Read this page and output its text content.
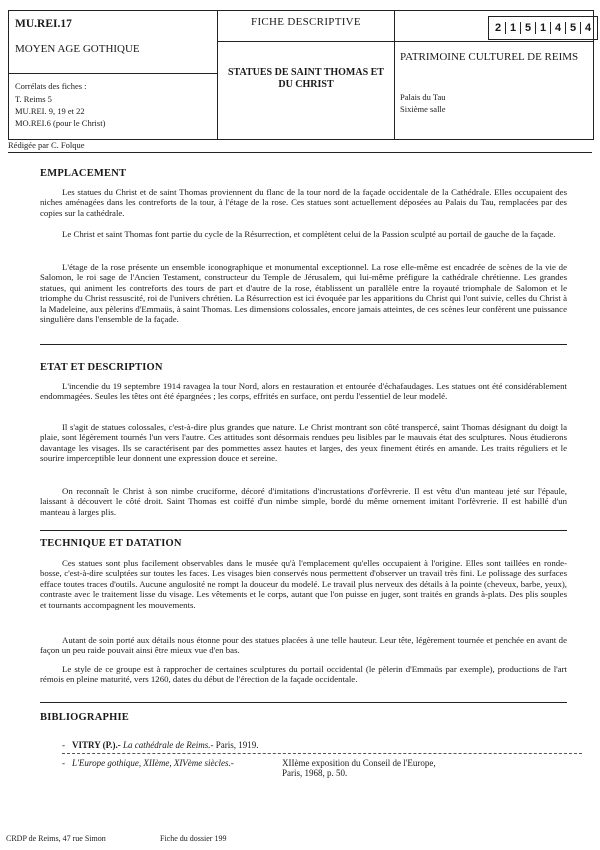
MU.REI.17
MOYEN AGE GOTHIQUE
Corrélats des fiches :
T. Reims 5
MU.REI. 9, 19 et 22
MO.REI.6 (pour le Christ)
FICHE DESCRIPTIVE
STATUES DE SAINT THOMAS ET DU CHRIST
2 1 5 1 4 5 4
PATRIMOINE CULTUREL DE REIMS
Palais du Tau
Sixième salle
Rédigée par C. Folque
EMPLACEMENT

Les statues du Christ et de saint Thomas proviennent du flanc de la tour nord de la façade occidentale de la Cathédrale. Elles occupaient des niches aménagées dans les contreforts de la tour, à l'étage de la rose. Ces statues sont actuellement déposées au Palais du Tau, remplacées par des copies sur la cathédrale.

Le Christ et saint Thomas font partie du cycle de la Résurrection, et complètent celui de la Passion sculpté au portail de gauche de la façade.

L'étage de la rose présente un ensemble iconographique et monumental exceptionnel. La rose elle-même est encadrée de scènes de la vie de Salomon, le roi sage de l'Ancien Testament, constructeur du Temple de Jérusalem, qui lui-même préfigure la cathédrale chrétienne. Les grandes statues, qui animent les contreforts des tours de part et d'autre de la rose, établissent un parallèle entre la royauté triomphale de Salomon et le triomphe du Christ ressuscité, roi de l'univers chrétien. La Résurrection est ici évoquée par les apparitions du Christ qui l'ont suivie, celles du Christ à la Madeleine, aux pèlerins d'Emmaüs, à saint Thomas. Les dimensions colossales, encore jamais atteintes, de ces scènes leur confèrent une puissance singulière dans l'ensemble de la façade.

ETAT ET DESCRIPTION

L'incendie du 19 septembre 1914 ravagea la tour Nord, alors en restauration et entourée d'échafaudages. Les statues ont été considérablement endommagées. Seules les têtes ont été épargnées ; les corps, effrités en surface, ont perdu l'essentiel de leur modelé.

Il s'agit de statues colossales, c'est-à-dire plus grandes que nature. Le Christ montrant son côté transpercé, saint Thomas désignant du doigt la plaie, sont légèrement tournés l'un vers l'autre. Ces attitudes sont désormais rendues peu lisibles par le mauvais état des sculptures. Nous étudierons davantage les visages. Ils se caractérisent par des pommettes assez hautes et larges, des yeux finement étirés en amande. Les traits réguliers et le sourire imperceptible leur donnent une expression douce et sereine.

On reconnaît le Christ à son nimbe cruciforme, décoré d'imitations d'incrustations d'orfèvrerie. Il est vêtu d'un manteau jeté sur l'épaule, laissant à découvert le côté droit. Saint Thomas est coiffé d'un nimbe simple, bordé du même ornement imitant l'orfèvrerie. Il est habillé d'un manteau à larges plis.

TECHNIQUE ET DATATION

Ces statues sont plus facilement observables dans le musée qu'à l'emplacement qu'elles occupaient à l'origine. Elles sont taillées en ronde-bosse, c'est-à-dire sculptées sur toutes les faces. Les visages bien conservés nous permettent d'observer un travail très fini. Le polissage des surfaces efface toutes traces d'outils. Aucune angulosité ne rompt la douceur du modelé. Le travail plus nerveux des détails à la pointe (cheveux, barbe, yeux), contraste avec le traitement lisse du visage. Les vêtements et le corps, autant que l'on puisse en juger, sont traités en grands à-plats. Des plis souples et tournants accompagnent les mouvements.

Autant de soin porté aux détails nous étonne pour des statues placées à une telle hauteur. Leur tête, légèrement tournée et penchée en avant de façon un peu raide pouvait ainsi être mieux vue d'en bas.

Le style de ce groupe est à rapprocher de certaines sculptures du portail occidental (le pèlerin d'Emmaüs par exemple), productions de l'art rémois en pleine maturité, vers 1260, dates du début de l'érection de la façade occidentale.

BIBLIOGRAPHIE
- VITRY (P.).- La cathédrale de Reims.- Paris, 1919.
- L'Europe gothique, XIIème, XIVème siècles.-	XIIème exposition du Conseil de l'Europe,
Paris, 1968, p. 50.
CRDP de Reims, 47 rue Simon	Fiche du dossier 199
